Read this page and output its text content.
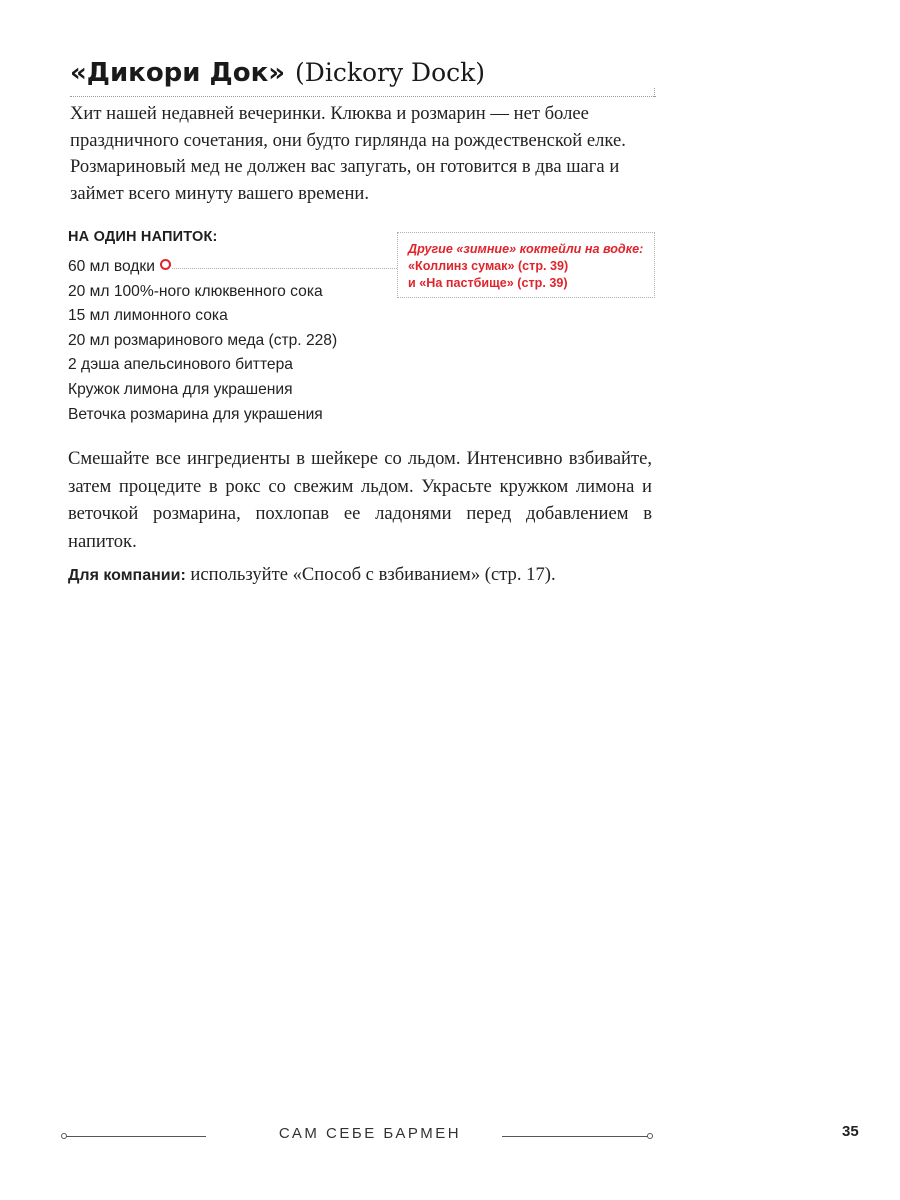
«Дикори Док» (Dickory Dock)

Хит нашей недавней вечеринки. Клюква и розмарин — нет более праздничного сочетания, они будто гирлянда на рождественской елке. Розмариновый мед не должен вас запугать, он готовится в два шага и займет всего минуту вашего времени.

НА ОДИН НАПИТОК:
60 мл водки
20 мл 100%-ного клюквенного сока
15 мл лимонного сока
20 мл розмаринового меда (стр. 228)
2 дэша апельсинового биттера
Кружок лимона для украшения
Веточка розмарина для украшения
Другие «зимние» коктейли на водке:
«Коллинз сумак» (стр. 39)
и «На пастбище» (стр. 39)

Смешайте все ингредиенты в шейкере со льдом. Интенсивно взбивайте, затем процедите в рокс со свежим льдом. Украсьте кружком лимона и веточкой розмарина, похлопав ее ладонями перед добавлением в напиток.

Для компании: используйте «Способ с взбиванием» (стр. 17).

САМ СЕБЕ БАРМЕН	35
